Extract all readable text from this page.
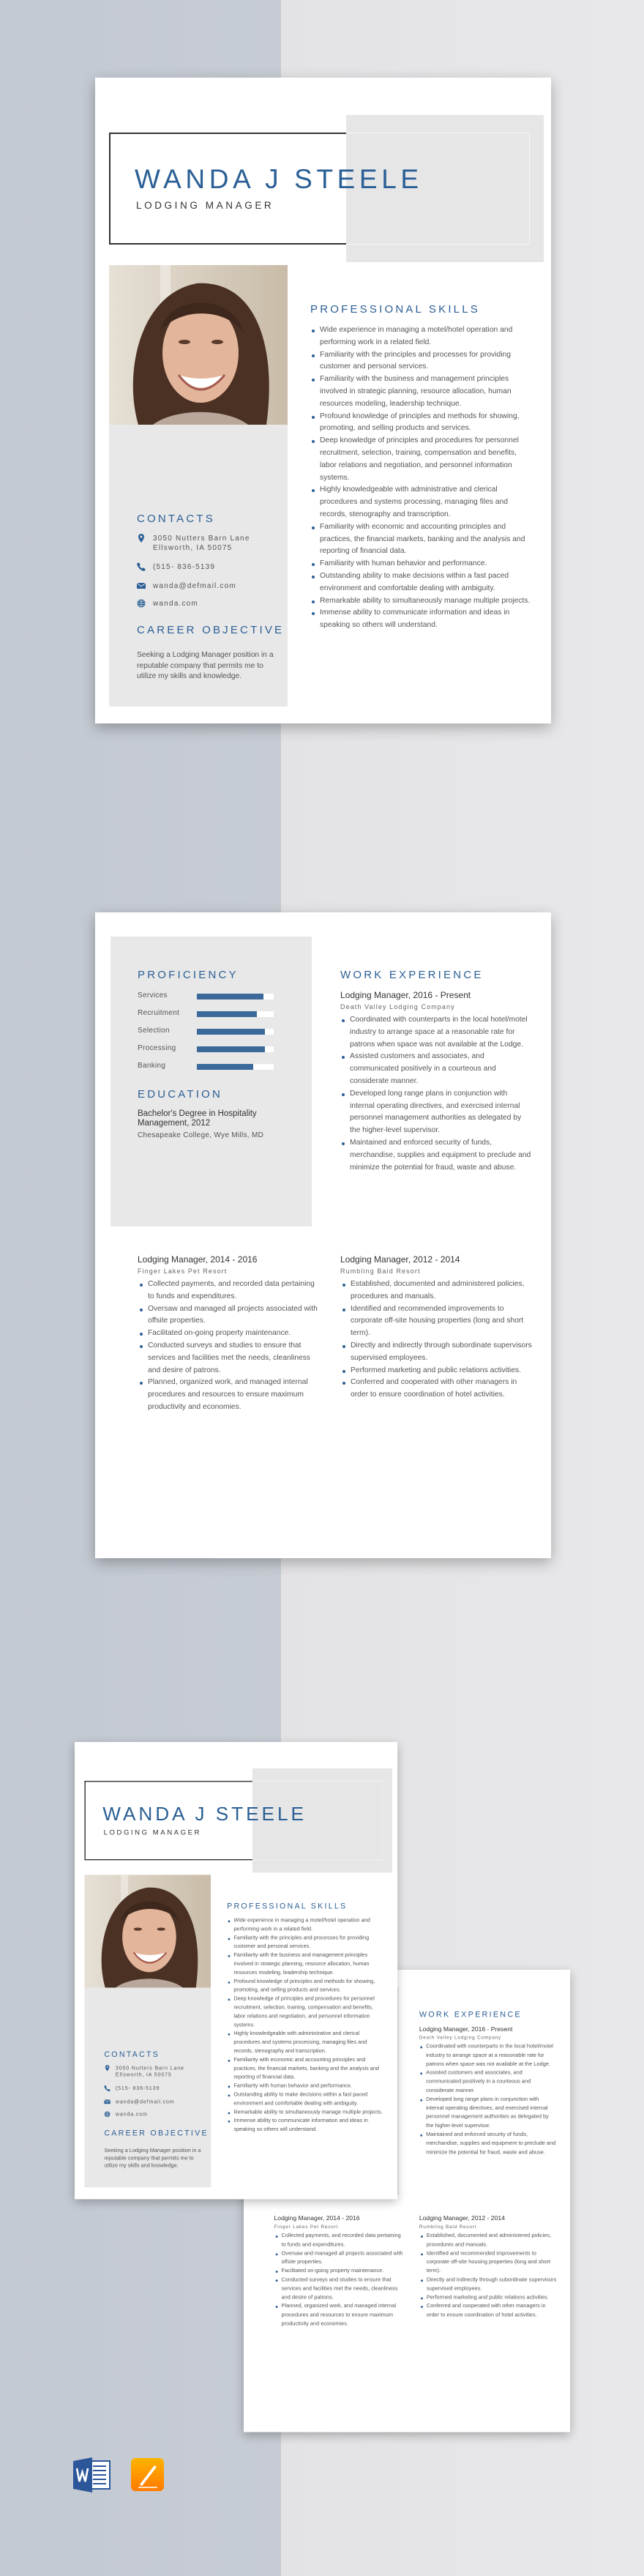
WANDA J STEELE
LODGING MANAGER
CONTACTS
3050 Nutters Barn Lane
Ellsworth, IA 50075
(515- 836-5139
wanda@defmail.com
wanda.com
CAREER OBJECTIVE

Seeking a Lodging Manager position in a reputable company that permits me to utilize my skills and knowledge.

PROFESSIONAL SKILLS
Wide experience in managing a motel/hotel operation and performing work in a related field.
Familiarity with the principles and processes for providing customer and personal services.
Familiarity with the business and management principles involved in strategic planning, resource allocation, human resources modeling, leadership technique.
Profound knowledge of principles and methods for showing, promoting, and selling products and services.
Deep knowledge of principles and procedures for personnel recruitment, selection, training, compensation and benefits, labor relations and negotiation, and personnel information systems.
Highly knowledgeable with administrative and clerical procedures and systems processing, managing files and records, stenography and transcription.
Familiarity with economic and accounting principles and practices, the financial markets, banking and the analysis and reporting of financial data.
Familiarity with human behavior and performance.
Outstanding ability to make decisions within a fast paced environment and comfortable dealing with ambiguity.
Remarkable ability to simultaneously manage multiple projects.
Immense ability to communicate information and ideas in speaking so others will understand.
PROFICIENCY
Services
Recruitment
Selection
Processing
Banking
EDUCATION

Bachelor's Degree in Hospitality Management, 2012

Chesapeake College, Wye Mills, MD
WORK EXPERIENCE
Lodging Manager, 2016 - Present
Death Valley Lodging Company
Coordinated with counterparts in the local hotel/motel industry to arrange space at a reasonable rate for patrons when space was not available at the Lodge.
Assisted customers and associates, and communicated positively in a courteous and considerate manner.
Developed long range plans in conjunction with internal operating directives, and exercised internal personnel management authorities as delegated by the higher-level supervisor.
Maintained and enforced security of funds, merchandise, supplies and equipment to preclude and minimize the potential for fraud, waste and abuse.
Lodging Manager, 2014 - 2016
Finger Lakes Pet Resort
Collected payments, and recorded data pertaining to funds and expenditures.
Oversaw and managed all projects associated with offsite properties.
Facilitated on-going property maintenance.
Conducted surveys and studies to ensure that services and facilities met the needs, cleanliness and desire of patrons.
Planned, organized work, and managed internal procedures and resources to ensure maximum productivity and economies.
Lodging Manager, 2012 - 2014
Rumbling Bald Resort
Established, documented and administered policies, procedures and manuals.
Identified and recommended improvements to corporate off-site housing properties (long and short term).
Directly and indirectly through subordinate supervisors supervised employees.
Performed marketing and public relations activities.
Conferred and cooperated with other managers in order to ensure coordination of hotel activities.
WORK EXPERIENCE
Lodging Manager, 2016 - Present
Death Valley Lodging Company
Coordinated with counterparts in the local hotel/motel industry to arrange space at a reasonable rate for patrons when space was not available at the Lodge.
Assisted customers and associates, and communicated positively in a courteous and considerate manner.
Developed long range plans in conjunction with internal operating directives, and exercised internal personnel management authorities as delegated by the higher-level supervisor.
Maintained and enforced security of funds, merchandise, supplies and equipment to preclude and minimize the potential for fraud, waste and abuse.
Lodging Manager, 2014 - 2016
Finger Lakes Pet Resort
Collected payments, and recorded data pertaining to funds and expenditures.
Oversaw and managed all projects associated with offsite properties.
Facilitated on-going property maintenance.
Conducted surveys and studies to ensure that services and facilities met the needs, cleanliness and desire of patrons.
Planned, organized work, and managed internal procedures and resources to ensure maximum productivity and economies.
Lodging Manager, 2012 - 2014
Rumbling Bald Resort
Established, documented and administered policies, procedures and manuals.
Identified and recommended improvements to corporate off-site housing properties (long and short term).
Directly and indirectly through subordinate supervisors supervised employees.
Performed marketing and public relations activities.
Conferred and cooperated with other managers in order to ensure coordination of hotel activities.
WANDA J STEELE
LODGING MANAGER
CONTACTS
3050 Nutters Barn Lane
Ellsworth, IA 50075
(515- 836-5139
wanda@defmail.com
wanda.com
CAREER OBJECTIVE

Seeking a Lodging Manager position in a reputable company that permits me to utilize my skills and knowledge.

PROFESSIONAL SKILLS
Wide experience in managing a motel/hotel operation and performing work in a related field.
Familiarity with the principles and processes for providing customer and personal services.
Familiarity with the business and management principles involved in strategic planning, resource allocation, human resources modeling, leadership technique.
Profound knowledge of principles and methods for showing, promoting, and selling products and services.
Deep knowledge of principles and procedures for personnel recruitment, selection, training, compensation and benefits, labor relations and negotiation, and personnel information systems.
Highly knowledgeable with administrative and clerical procedures and systems processing, managing files and records, stenography and transcription.
Familiarity with economic and accounting principles and practices, the financial markets, banking and the analysis and reporting of financial data.
Familiarity with human behavior and performance.
Outstanding ability to make decisions within a fast paced environment and comfortable dealing with ambiguity.
Remarkable ability to simultaneously manage multiple projects.
Immense ability to communicate information and ideas in speaking so others will understand.
